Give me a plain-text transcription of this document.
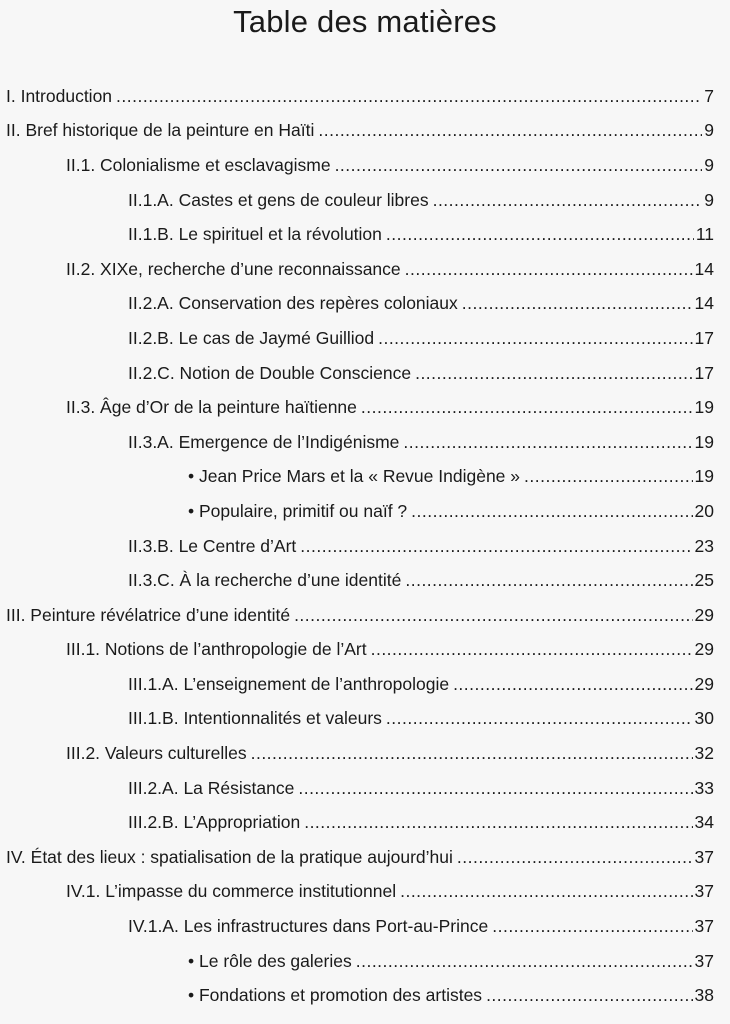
Table des matières
I. Introduction .....	7
II. Bref historique de la peinture en Haïti .....	9
II.1. Colonialisme et esclavagisme .....	9
II.1.A. Castes et gens de couleur libres .....	9
II.1.B. Le spirituel et la révolution .....	11
II.2. XIXe, recherche d’une reconnaissance .....	14
II.2.A. Conservation des repères coloniaux .....	14
II.2.B. Le cas de Jaymé Guilliod .....	17
II.2.C. Notion de Double Conscience .....	17
II.3. Âge d’Or de la peinture haïtienne .....	19
II.3.A. Emergence de l’Indigénisme .....	19
• Jean Price Mars et la « Revue Indigène » .....	19
• Populaire, primitif ou naïf ? .....	20
II.3.B. Le Centre d’Art .....	23
II.3.C. À la recherche d’une identité .....	25
III. Peinture révélatrice d’une identité .....	29
III.1. Notions de l’anthropologie de l’Art .....	29
III.1.A. L’enseignement de l’anthropologie .....	29
III.1.B. Intentionnalités et valeurs .....	30
III.2. Valeurs culturelles .....	32
III.2.A. La Résistance .....	33
III.2.B. L’Appropriation .....	34
IV. État des lieux : spatialisation de la pratique aujourd’hui .....	37
IV.1. L’impasse du commerce institutionnel .....	37
IV.1.A. Les infrastructures dans Port-au-Prince .....	37
• Le rôle des galeries .....	37
• Fondations et promotion des artistes .....	38
